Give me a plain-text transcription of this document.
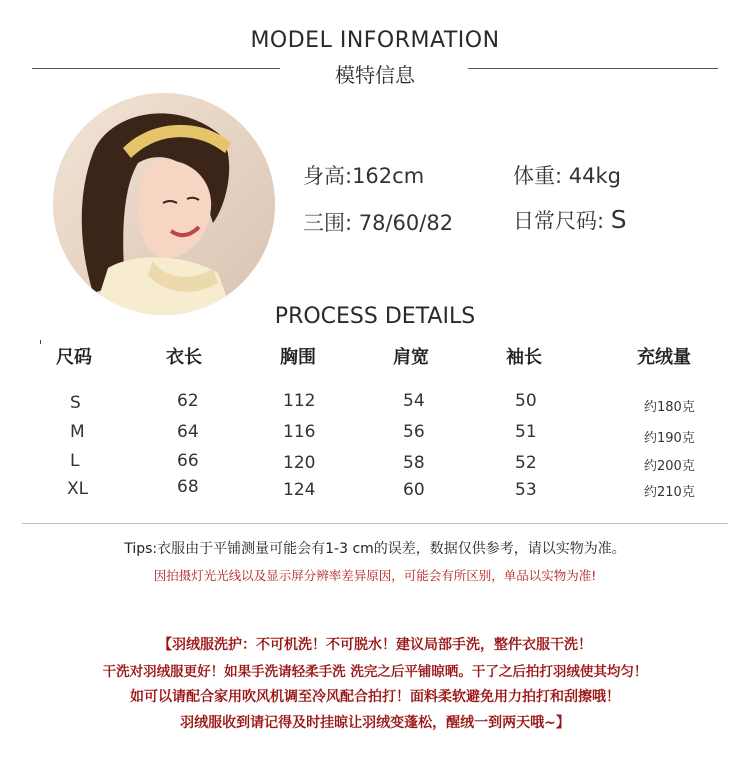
MODEL INFORMATION
模特信息
身高:162cm	体重: 44kg
三围: 78/60/82	日常尺码: S
PROCESS DETAILS
尺码	衣长	胸围	肩宽	袖长	充绒量
S	62	112	54	50	约180克
M	64	116	56	51	约190克
L	66	120	58	52	约200克
XL	68	124	60	53	约210克
Tips:衣服由于平铺测量可能会有1-3 cm的误差，数据仅供参考，请以实物为准。
因拍摄灯光光线以及显示屏分辨率差异原因，可能会有所区别，单品以实物为准!
【羽绒服洗护：不可机洗！不可脱水！建议局部手洗，整件衣服干洗！
干洗对羽绒服更好！如果手洗请轻柔手洗 洗完之后平铺晾晒。干了之后拍打羽绒使其均匀！
如可以请配合家用吹风机调至冷风配合拍打！面料柔软避免用力拍打和刮擦哦！
羽绒服收到请记得及时挂晾让羽绒变蓬松，醒绒一到两天哦~】
